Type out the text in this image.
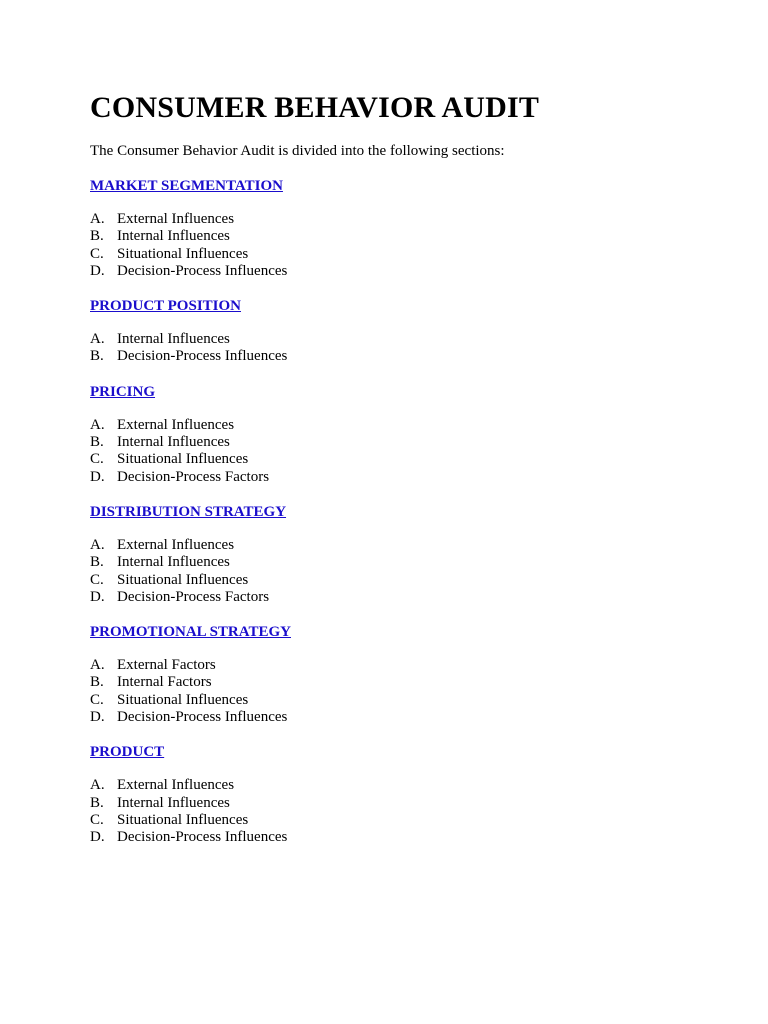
CONSUMER BEHAVIOR AUDIT

The Consumer Behavior Audit is divided into the following sections:

MARKET SEGMENTATION
A. External Influences
B. Internal Influences
C. Situational Influences
D. Decision-Process Influences
PRODUCT POSITION
A. Internal Influences
B. Decision-Process Influences
PRICING
A. External Influences
B. Internal Influences
C. Situational Influences
D. Decision-Process Factors
DISTRIBUTION STRATEGY
A. External Influences
B. Internal Influences
C. Situational Influences
D. Decision-Process Factors
PROMOTIONAL STRATEGY
A. External Factors
B. Internal Factors
C. Situational Influences
D. Decision-Process Influences
PRODUCT
A. External Influences
B. Internal Influences
C. Situational Influences
D. Decision-Process Influences
